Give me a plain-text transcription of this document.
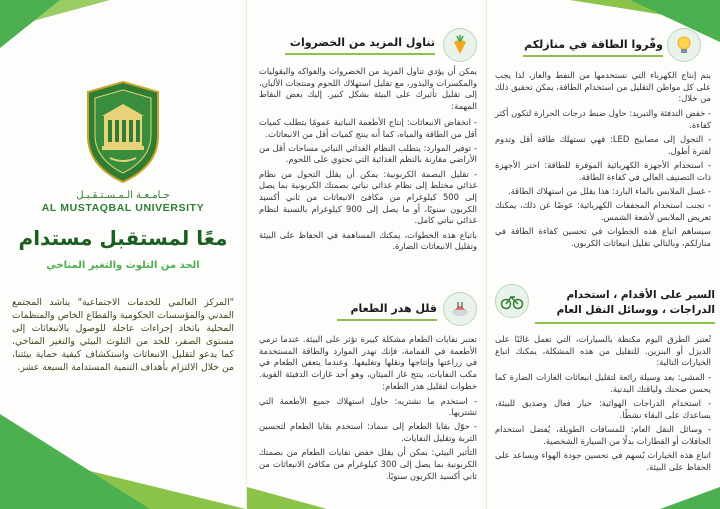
جـامـعـة الـمـسـتـقـبـل
AL MUSTAQBAL UNIVERSITY
معًا لمستقبل مستدام
الحد من التلوث والتغير المناخي
"المركز العالمي للخدمات الاجتماعية" يناشد المجتمع المدني والمؤسسات الحكومية والقطاع الخاص والمنظمات المحلية باتخاذ إجراءات عاجلة للوصول بالانبعاثات إلى مستوى الصفر، للحد من التلوث البيئي والتغير المناخي. كما يدعو لتقليل الانبعاثات واستكشاف كيفية حماية بيئتنا، من خلال الالتزام بأهداف التنمية المستدامة السبعة عشر.
تناول المزيد من الخضروات

يمكن أن يؤدي تناول المزيد من الخضروات والفواكه والبقوليات والمكسرات والبذور، مع تقليل استهلاك اللحوم ومنتجات الألبان، إلى تقليل تأثيرك على البيئة بشكل كبير. إليك بعض النقاط المهمة:

- انخفاض الانبعاثات: إنتاج الأطعمة النباتية عمومًا يتطلب كميات أقل من الطاقة والمياه، كما أنه ينتج كميات أقل من الانبعاثات.
- توفير الموارد: يتطلب النظام الغذائي النباتي مساحات أقل من الأراضي مقارنة بالنظم الغذائية التي تحتوي على اللحوم.
- تقليل البصمة الكربونية: يمكن أن يقلل التحول من نظام غذائي مختلط إلى نظام غذائي نباتي بصمتك الكربونية بما يصل إلى 500 كيلوغرام من مكافئ الانبعاثات من ثاني أكسيد الكربون سنويًا، أو ما يصل إلى 900 كيلوغرام بالنسبة لنظام غذائي نباتي كامل.

باتباع هذه الخطوات، يمكنك المساهمة في الحفاظ على البيئة وتقليل الانبعاثات الضارة.

قلل هدر الطعام

تعتبر نفايات الطعام مشكلة كبيرة تؤثر على البيئة. عندما ترمي الأطعمة في القمامة، فإنك تهدر الموارد والطاقة المستخدمة في زراعتها وإنتاجها ونقلها وتغليفها. وعندما يتعفن الطعام في مكب النفايات، ينتج غاز الميثان، وهو أحد غازات الدفيئة القوية. خطوات لتقليل هدر الطعام:

- استخدم ما تشتريه: حاول استهلاك جميع الأطعمة التي تشتريها.
- حوّل بقايا الطعام إلى سماد: استخدم بقايا الطعام لتحسين التربة وتقليل النفايات.

التأثير البيئي: يمكن أن يقلل خفض نفايات الطعام من بصمتك الكربونية بما يصل إلى 300 كيلوغرام من مكافئ الانبعاثات من ثاني أكسيد الكربون سنويًا.

وفّروا الطاقة في منازلكم

يتم إنتاج الكهرباء التي نستخدمها من النفط والغاز، لذا يجب على كل مواطن التقليل من استخدام الطاقة، يمكن تحقيق ذلك من خلال:

- خفض التدفئة والتبريد: حاول ضبط درجات الحرارة لتكون أكثر كفاءة.
- التحول إلى مصابيح LED: فهي تستهلك طاقة أقل وتدوم لفترة أطول.
- استخدام الأجهزة الكهربائية الموفرة للطاقة: اختر الأجهزة ذات التصنيف العالي في كفاءة الطاقة.
- غسل الملابس بالماء البارد: هذا يقلل من استهلاك الطاقة.
- تجنب استخدام المجففات الكهربائية: عوضًا عن ذلك، يمكنك تعريض الملابس لأشعة الشمس.

سيساهم اتباع هذه الخطوات في تحسين كفاءة الطاقة في منازلكم، وبالتالي تقليل انبعاثات الكربون.

السير على الأقدام ، استخدام
الدراجات ، ووسائل النقل العام

تُعتبر الطرق اليوم مكتظة بالسيارات، التي تعمل غالبًا على الديزل أو البنزين. للتقليل من هذه المشكلة، يمكنك اتباع الخيارات التالية:

- المشي: يعد وسيلة رائعة لتقليل انبعاثات الغازات الضارة كما يحسن صحتك ولياقتك البدنية.
- استخدام الدراجات الهوائية: خيار فعال وصديق للبيئة، يساعدك على البقاء نشطًا.
- وسائل النقل العام: للمسافات الطويلة، يُفضل استخدام الحافلات أو القطارات بدلًا من السيارة الشخصية.

اتباع هذه الخيارات يُسهم في تحسين جودة الهواء ويساعد على الحفاظ على البيئة.
